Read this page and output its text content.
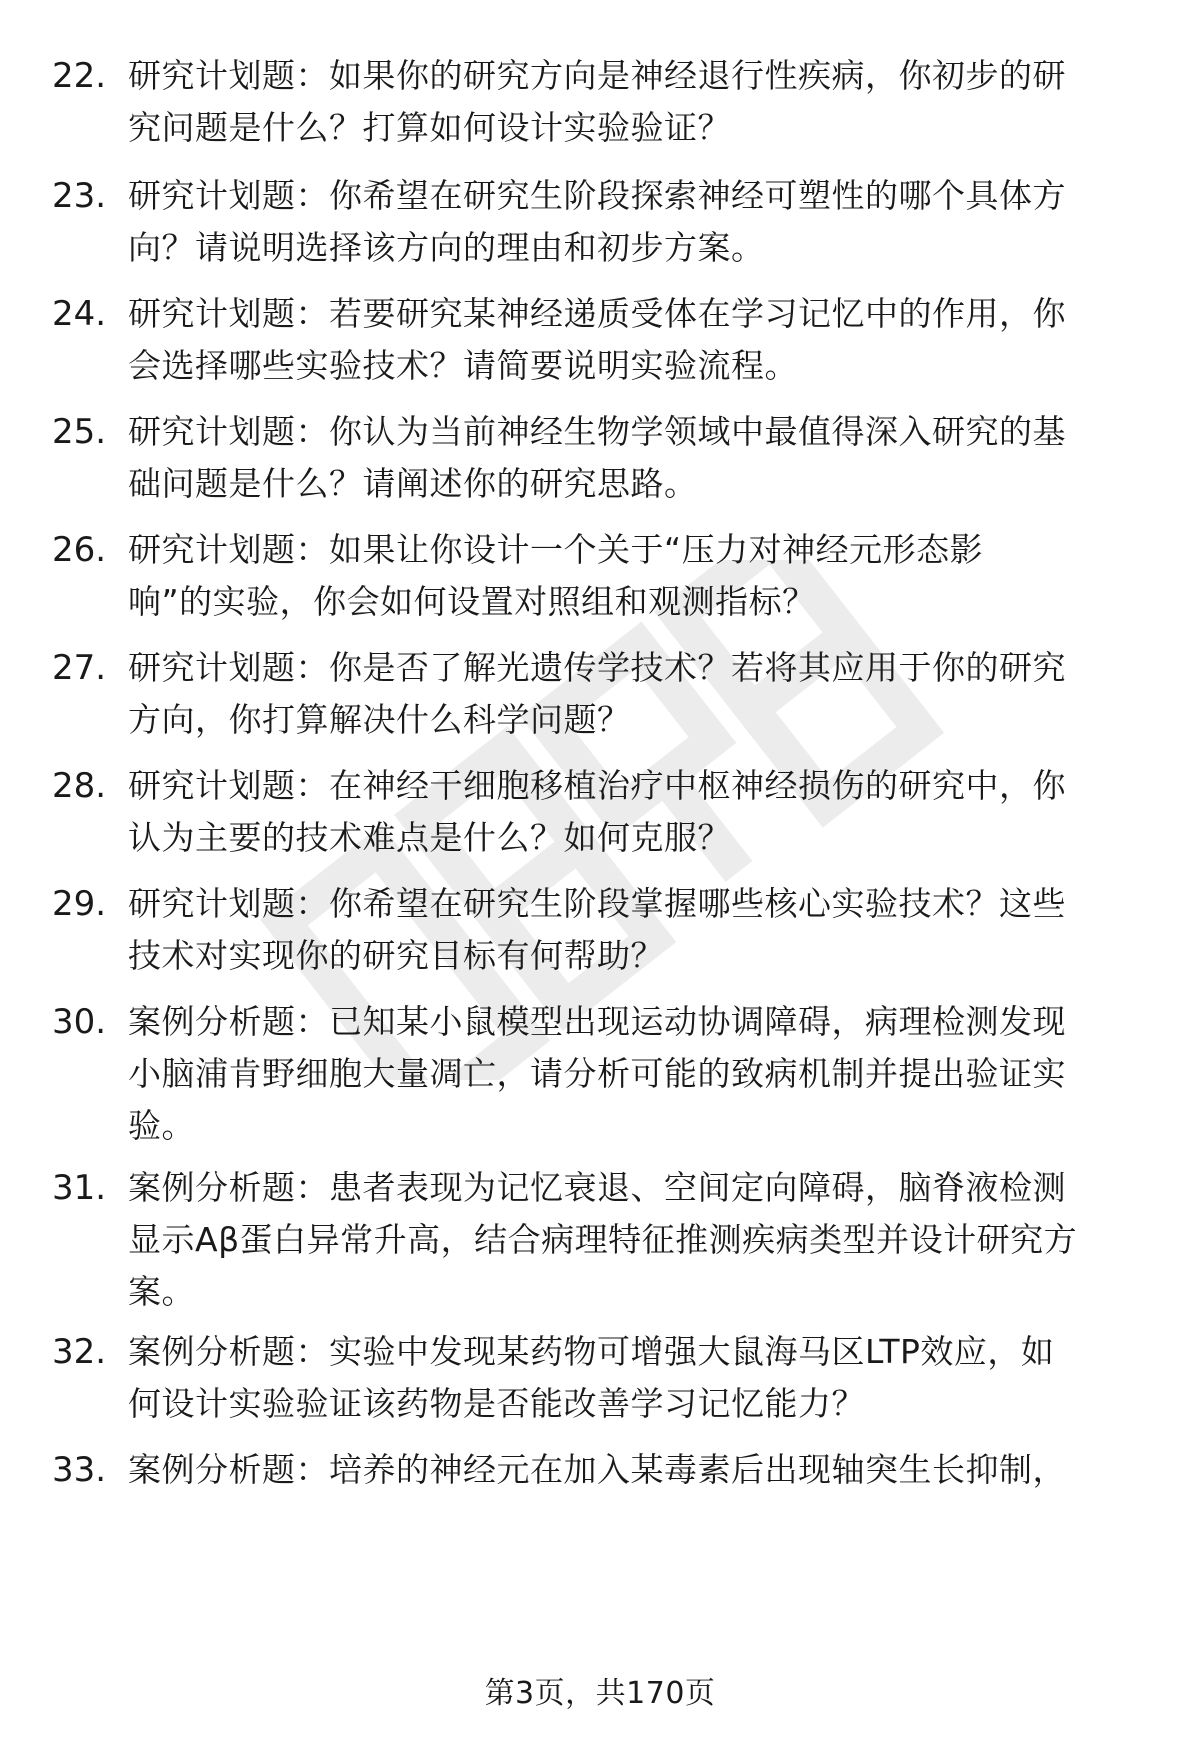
22. 研究计划题：如果你的研究方向是神经退行性疾病，你初步的研
究问题是什么？打算如何设计实验验证？
23. 研究计划题：你希望在研究生阶段探索神经可塑性的哪个具体方
向？请说明选择该方向的理由和初步方案。
24. 研究计划题：若要研究某神经递质受体在学习记忆中的作用，你
会选择哪些实验技术？请简要说明实验流程。
25. 研究计划题：你认为当前神经生物学领域中最值得深入研究的基
础问题是什么？请阐述你的研究思路。
26. 研究计划题：如果让你设计一个关于“压力对神经元形态影
响”的实验，你会如何设置对照组和观测指标？
27. 研究计划题：你是否了解光遗传学技术？若将其应用于你的研究
方向，你打算解决什么科学问题？
28. 研究计划题：在神经干细胞移植治疗中枢神经损伤的研究中，你
认为主要的技术难点是什么？如何克服？
29. 研究计划题：你希望在研究生阶段掌握哪些核心实验技术？这些
技术对实现你的研究目标有何帮助？
30. 案例分析题：已知某小鼠模型出现运动协调障碍，病理检测发现
小脑浦肯野细胞大量凋亡，请分析可能的致病机制并提出验证实
验。
31. 案例分析题：患者表现为记忆衰退、空间定向障碍，脑脊液检测
显示Aβ蛋白异常升高，结合病理特征推测疾病类型并设计研究方
案。
32. 案例分析题：实验中发现某药物可增强大鼠海马区LTP效应，如
何设计实验验证该药物是否能改善学习记忆能力？
33. 案例分析题：培养的神经元在加入某毒素后出现轴突生长抑制，
第3页，共170页
